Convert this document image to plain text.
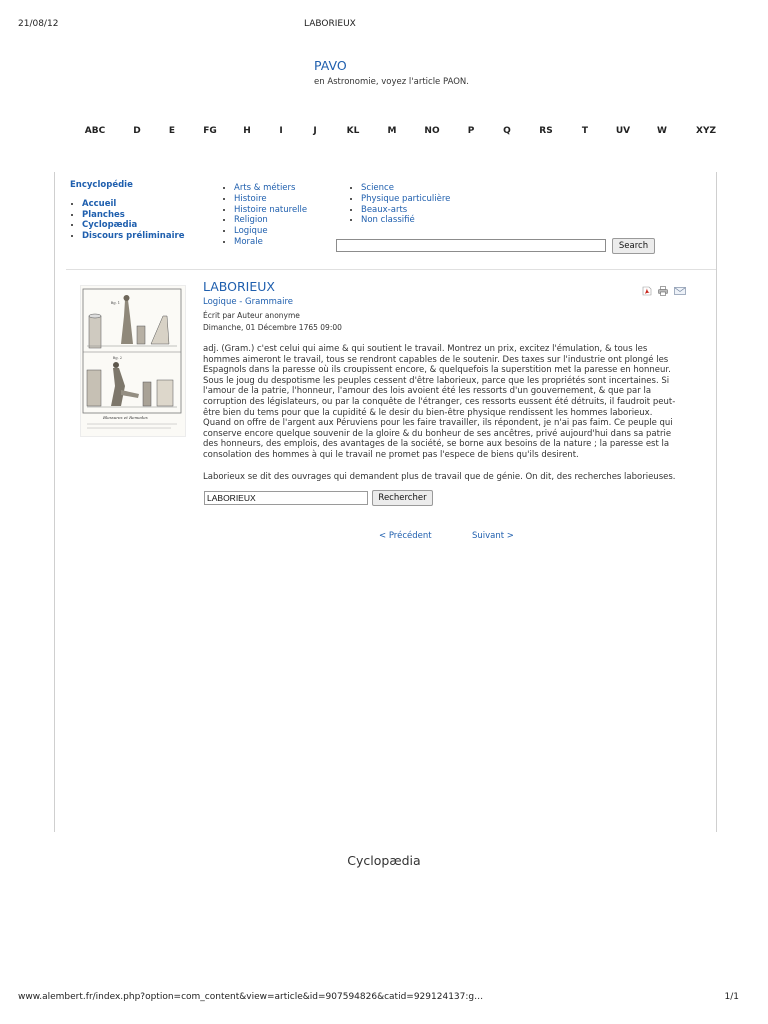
21/08/12	LABORIEUX
PAVO
en Astronomie, voyez l'article PAON.
ABC	D	E	FG	H	I	J	KL	M	NO	P	Q	RS	T	UV	W	XYZ
Encyclopédie
• Accueil
• Planches
• Cyclopædia
• Discours préliminaire
• Arts & métiers
• Histoire
• Histoire naturelle
• Religion
• Logique
• Morale
• Science
• Physique particulière
• Beaux-arts
• Non classifié
Search
fig. 1
fig. 2
Blessures et Remedes
LABORIEUX
Logique - Grammaire
Écrit par Auteur anonyme
Dimanche, 01 Décembre 1765 09:00

adj. (Gram.) c'est celui qui aime & qui soutient le travail. Montrez un prix, excitez l'émulation, & tous les hommes aimeront le travail, tous se rendront capables de le soutenir. Des taxes sur l'industrie ont plongé les Espagnols dans la paresse où ils croupissent encore, & quelquefois la superstition met la paresse en honneur. Sous le joug du despotisme les peuples cessent d'être laborieux, parce que les propriétés sont incertaines. Si l'amour de la patrie, l'honneur, l'amour des lois avoient été les ressorts d'un gouvernement, & que par la corruption des législateurs, ou par la conquête de l'étranger, ces ressorts eussent été détruits, il faudroit peut-être bien du tems pour que la cupidité & le desir du bien-être physique rendissent les hommes laborieux. Quand on offre de l'argent aux Péruviens pour les faire travailler, ils répondent, je n'ai pas faim. Ce peuple qui conserve encore quelque souvenir de la gloire & du bonheur de ses ancêtres, privé aujourd'hui dans sa patrie des honneurs, des emplois, des avantages de la société, se borne aux besoins de la nature ; la paresse est la consolation des hommes à qui le travail ne promet pas l'espece de biens qu'ils desirent.

Laborieux se dit des ouvrages qui demandent plus de travail que de génie. On dit, des recherches laborieuses.

LABORIEUX
Rechercher
< Précédent	Suivant >
Cyclopædia
www.alembert.fr/index.php?option=com_content&view=article&id=907594826&catid=929124137:g…	1/1
